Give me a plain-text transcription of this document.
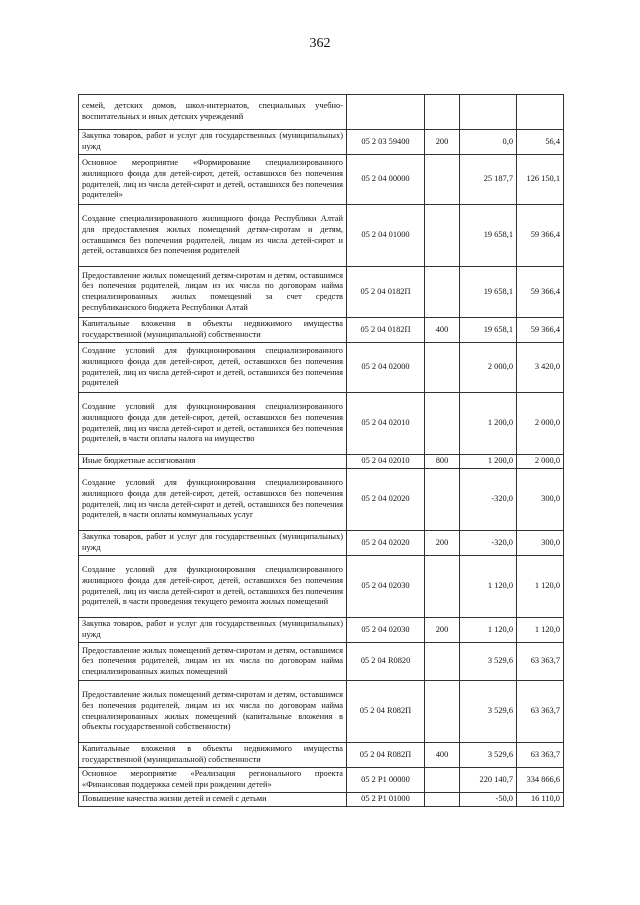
362
семей, детских домов, школ-интернатов, специальных учебно-воспитательных и иных детских учреждений				
Закупка товаров, работ и услуг для государственных (муниципальных) нужд	05 2 03 59400	200	0,0	56,4
Основное мероприятие «Формирование специализированного жилищного фонда для детей-сирот, детей, оставшихся без попечения родителей, лиц из числа детей-сирот и детей, оставшихся без попечения родителей»	05 2 04 00000		25 187,7	126 150,1
Создание специализированного жилищного фонда Республики Алтай для предоставления жилых помещений детям-сиротам и детям, оставшимся без попечения родителей, лицам из числа детей-сирот и детей, оставшихся без попечения родителей	05 2 04 01000		19 658,1	59 366,4
Предоставление жилых помещений детям-сиротам и детям, оставшимся без попечения родителей, лицам из их числа по договорам найма специализированных жилых помещений за счет средств республиканского бюджета Республики Алтай	05 2 04 0182П		19 658,1	59 366,4
Капитальные вложения в объекты недвижимого имущества государственной (муниципальной) собственности	05 2 04 0182П	400	19 658,1	59 366,4
Создание условий для функционирования специализированного жилищного фонда для детей-сирот, детей, оставшихся без попечения родителей, лиц из числа детей-сирот и детей, оставшихся без попечения родителей	05 2 04 02000		2 000,0	3 420,0
Создание условий для функционирования специализированного жилищного фонда для детей-сирот, детей, оставшихся без попечения родителей, лиц из числа детей-сирот и детей, оставшихся без попечения родителей, в части оплаты налога на имущество	05 2 04 02010		1 200,0	2 000,0
Иные бюджетные ассигнования	05 2 04 02010	800	1 200,0	2 000,0
Создание условий для функционирования специализированного жилищного фонда для детей-сирот, детей, оставшихся без попечения родителей, лиц из числа детей-сирот и детей, оставшихся без попечения родителей, в части оплаты коммунальных услуг	05 2 04 02020		-320,0	300,0
Закупка товаров, работ и услуг для государственных (муниципальных) нужд	05 2 04 02020	200	-320,0	300,0
Создание условий для функционирования специализированного жилищного фонда для детей-сирот, детей, оставшихся без попечения родителей, лиц из числа детей-сирот и детей, оставшихся без попечения родителей, в части проведения текущего ремонта жилых помещений	05 2 04 02030		1 120,0	1 120,0
Закупка товаров, работ и услуг для государственных (муниципальных) нужд	05 2 04 02030	200	1 120,0	1 120,0
Предоставление жилых помещений детям-сиротам и детям, оставшимся без попечения родителей, лицам из их числа по договорам найма специализированных жилых помещений	05 2 04 R0820		3 529,6	63 363,7
Предоставление жилых помещений детям-сиротам и детям, оставшимся без попечения родителей, лицам из их числа по договорам найма специализированных жилых помещений (капитальные вложения в объекты государственной собственности)	05 2 04 R082П		3 529,6	63 363,7
Капитальные вложения в объекты недвижимого имущества государственной (муниципальной) собственности	05 2 04 R082П	400	3 529,6	63 363,7
Основное мероприятие «Реализация регионального проекта «Финансовая поддержка семей при рождении детей»	05 2 P1 00000		220 140,7	334 866,6
Повышение качества жизни детей и семей с детьми	05 2 P1 01000		-50,0	16 110,0
